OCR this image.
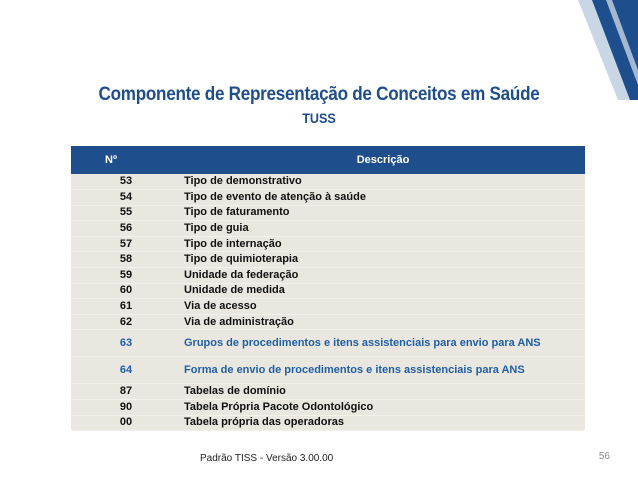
Componente de Representação de Conceitos em Saúde
TUSS
Nº	Descrição
53	Tipo de demonstrativo
54	Tipo de evento de atenção à saúde
55	Tipo de faturamento
56	Tipo de guia
57	Tipo de internação
58	Tipo de quimioterapia
59	Unidade da federação
60	Unidade de medida
61	Via de acesso
62	Via de administração
63	Grupos de procedimentos e itens assistenciais para envio para ANS
64	Forma de envio de procedimentos e itens assistenciais para ANS
87	Tabelas de domínio
90	Tabela Própria Pacote Odontológico
00	Tabela própria das operadoras
Padrão TISS - Versão 3.00.00	56
